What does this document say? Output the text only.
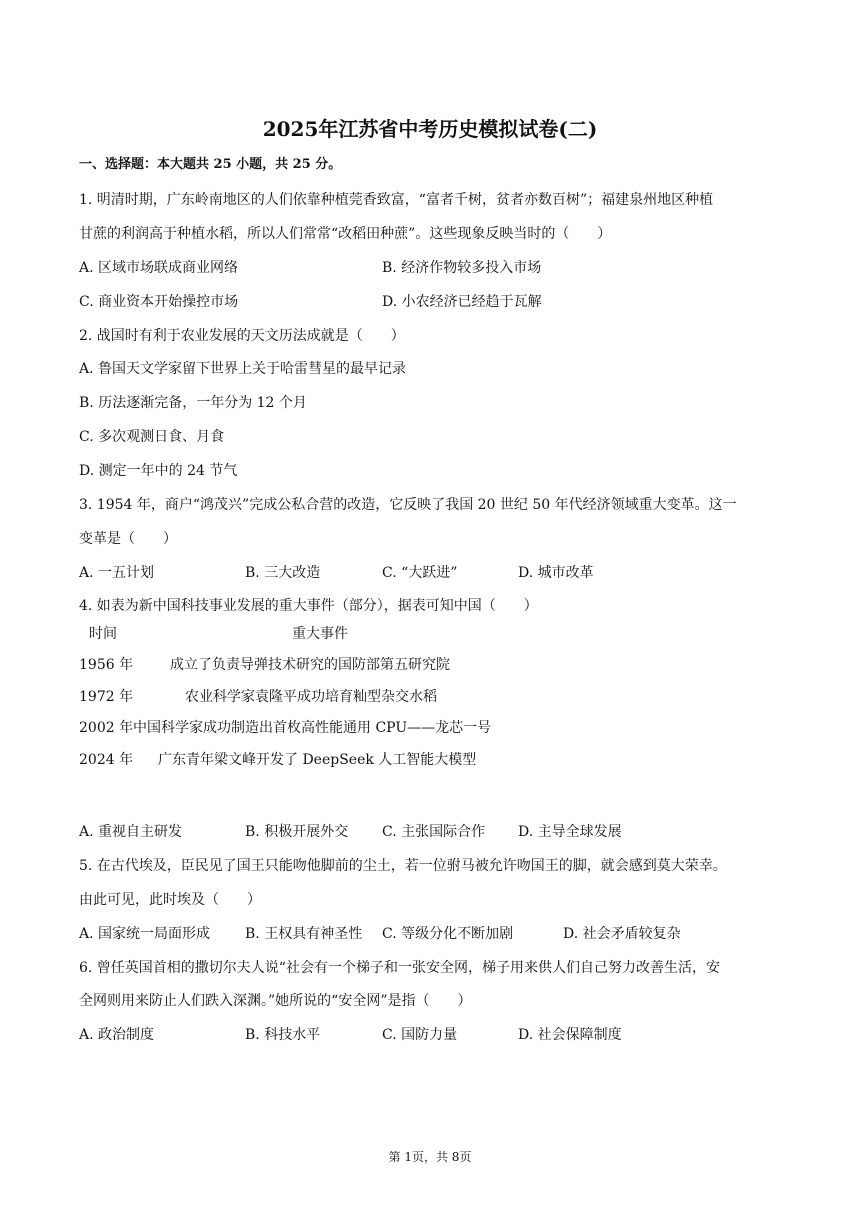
2025年江苏省中考历史模拟试卷(二)
一、选择题：本大题共 25 小题，共 25 分。
1. 明清时期，广东岭南地区的人们依靠种植莞香致富，“富者千树，贫者亦数百树”；福建泉州地区种植
甘蔗的利润高于种植水稻，所以人们常常“改稻田种蔗”。这些现象反映当时的（　　）
A. 区域市场联成商业网络	B. 经济作物较多投入市场
C. 商业资本开始操控市场	D. 小农经济已经趋于瓦解
2. 战国时有利于农业发展的天文历法成就是（　　）
A. 鲁国天文学家留下世界上关于哈雷彗星的最早记录
B. 历法逐渐完备，一年分为 12 个月
C. 多次观测日食、月食
D. 测定一年中的 24 节气
3. 1954 年，商户“鸿茂兴”完成公私合营的改造，它反映了我国 20 世纪 50 年代经济领域重大变革。这一
变革是（　　）
A. 一五计划	B. 三大改造	C. “大跃进”	D. 城市改革
4. 如表为新中国科技事业发展的重大事件（部分），据表可知中国（　　）
时间	重大事件
1956 年	成立了负责导弹技术研究的国防部第五研究院
1972 年	农业科学家袁隆平成功培育籼型杂交水稻
2002 年 中国科学家成功制造出首枚高性能通用 CPU——龙芯一号
2024 年 广东青年梁文峰开发了 DeepSeek 人工智能大模型
A. 重视自主研发	B. 积极开展外交 C. 主张国际合作 D. 主导全球发展
5. 在古代埃及，臣民见了国王只能吻他脚前的尘土，若一位驸马被允许吻国王的脚，就会感到莫大荣幸。
由此可见，此时埃及（　　）
A. 国家统一局面形成 B. 王权具有神圣性 C. 等级分化不断加剧	D. 社会矛盾较复杂
6. 曾任英国首相的撒切尔夫人说“社会有一个梯子和一张安全网，梯子用来供人们自己努力改善生活，安
全网则用来防止人们跌入深渊。”她所说的“安全网”是指（　　）
A. 政治制度	B. 科技水平	C. 国防力量	D. 社会保障制度
第 1页，共 8页
